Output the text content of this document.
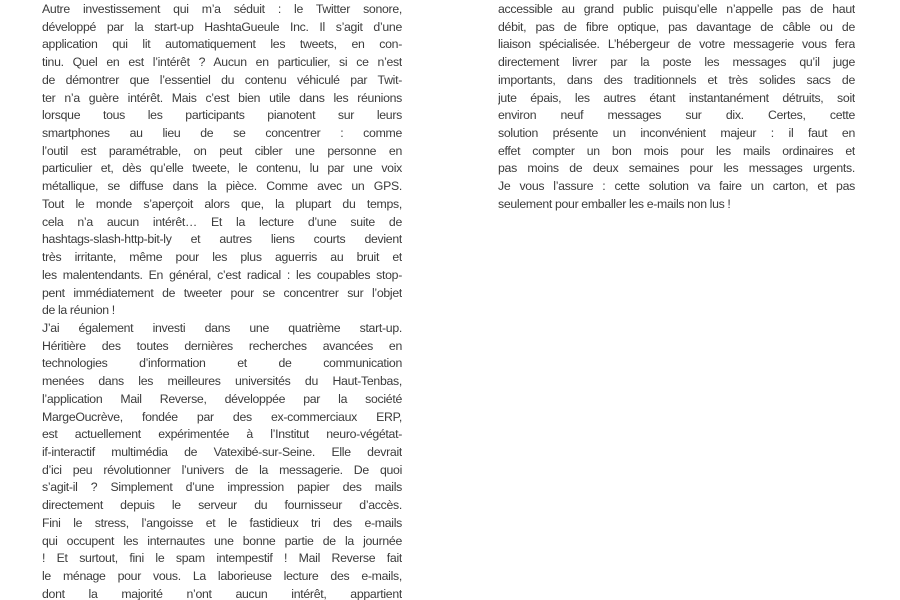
Autre investissement qui m’a séduit : le Twitter sonore,
développé par la start-up HashtaGueule Inc. Il s’agit d’une
application qui lit automatiquement les tweets, en con-
tinu. Quel en est l’intérêt ? Aucun en particulier, si ce n’est
de démontrer que l’essentiel du contenu véhiculé par Twit-
ter n’a guère intérêt. Mais c’est bien utile dans les réunions
lorsque tous les participants pianotent sur leurs
smartphones au lieu de se concentrer : comme
l’outil est paramétrable, on peut cibler une personne en
particulier et, dès qu’elle tweete, le contenu, lu par une voix
métallique, se diffuse dans la pièce. Comme avec un GPS.
Tout le monde s’aperçoit alors que, la plupart du temps,
cela n’a aucun intérêt… Et la lecture d’une suite de
hashtags-slash-http-bit-ly et autres liens courts devient
très irritante, même pour les plus aguerris au bruit et
les malentendants. En général, c’est radical : les coupables stop-
pent immédiatement de tweeter pour se concentrer sur l’objet
de la réunion !
J’ai également investi dans une quatrième start-up.
Héritière des toutes dernières recherches avancées en
technologies d’information et de communication
menées dans les meilleures universités du Haut-Tenbas,
l’application Mail Reverse, développée par la société
MargeOucrève, fondée par des ex-commerciaux ERP,
est actuellement expérimentée à l’Institut neuro-végétat-
if-interactif multimédia de Vatexibé-sur-Seine. Elle devrait
d’ici peu révolutionner l’univers de la messagerie. De quoi
s’agit-il ? Simplement d’une impression papier des mails
directement depuis le serveur du fournisseur d’accès.
Fini le stress, l’angoisse et le fastidieux tri des e-mails
qui occupent les internautes une bonne partie de la journée
! Et surtout, fini le spam intempestif ! Mail Reverse fait
le ménage pour vous. La laborieuse lecture des e-mails,
dont la majorité n’ont aucun intérêt, appartient
accessible au grand public puisqu’elle n’appelle pas de haut
débit, pas de fibre optique, pas davantage de câble ou de
liaison spécialisée. L’hébergeur de votre messagerie vous fera
directement livrer par la poste les messages qu’il juge
importants, dans des traditionnels et très solides sacs de
jute épais, les autres étant instantanément détruits, soit
environ neuf messages sur dix. Certes, cette
solution présente un inconvénient majeur : il faut en
effet compter un bon mois pour les mails ordinaires et
pas moins de deux semaines pour les messages urgents.
Je vous l’assure : cette solution va faire un carton, et pas
seulement pour emballer les e-mails non lus !
